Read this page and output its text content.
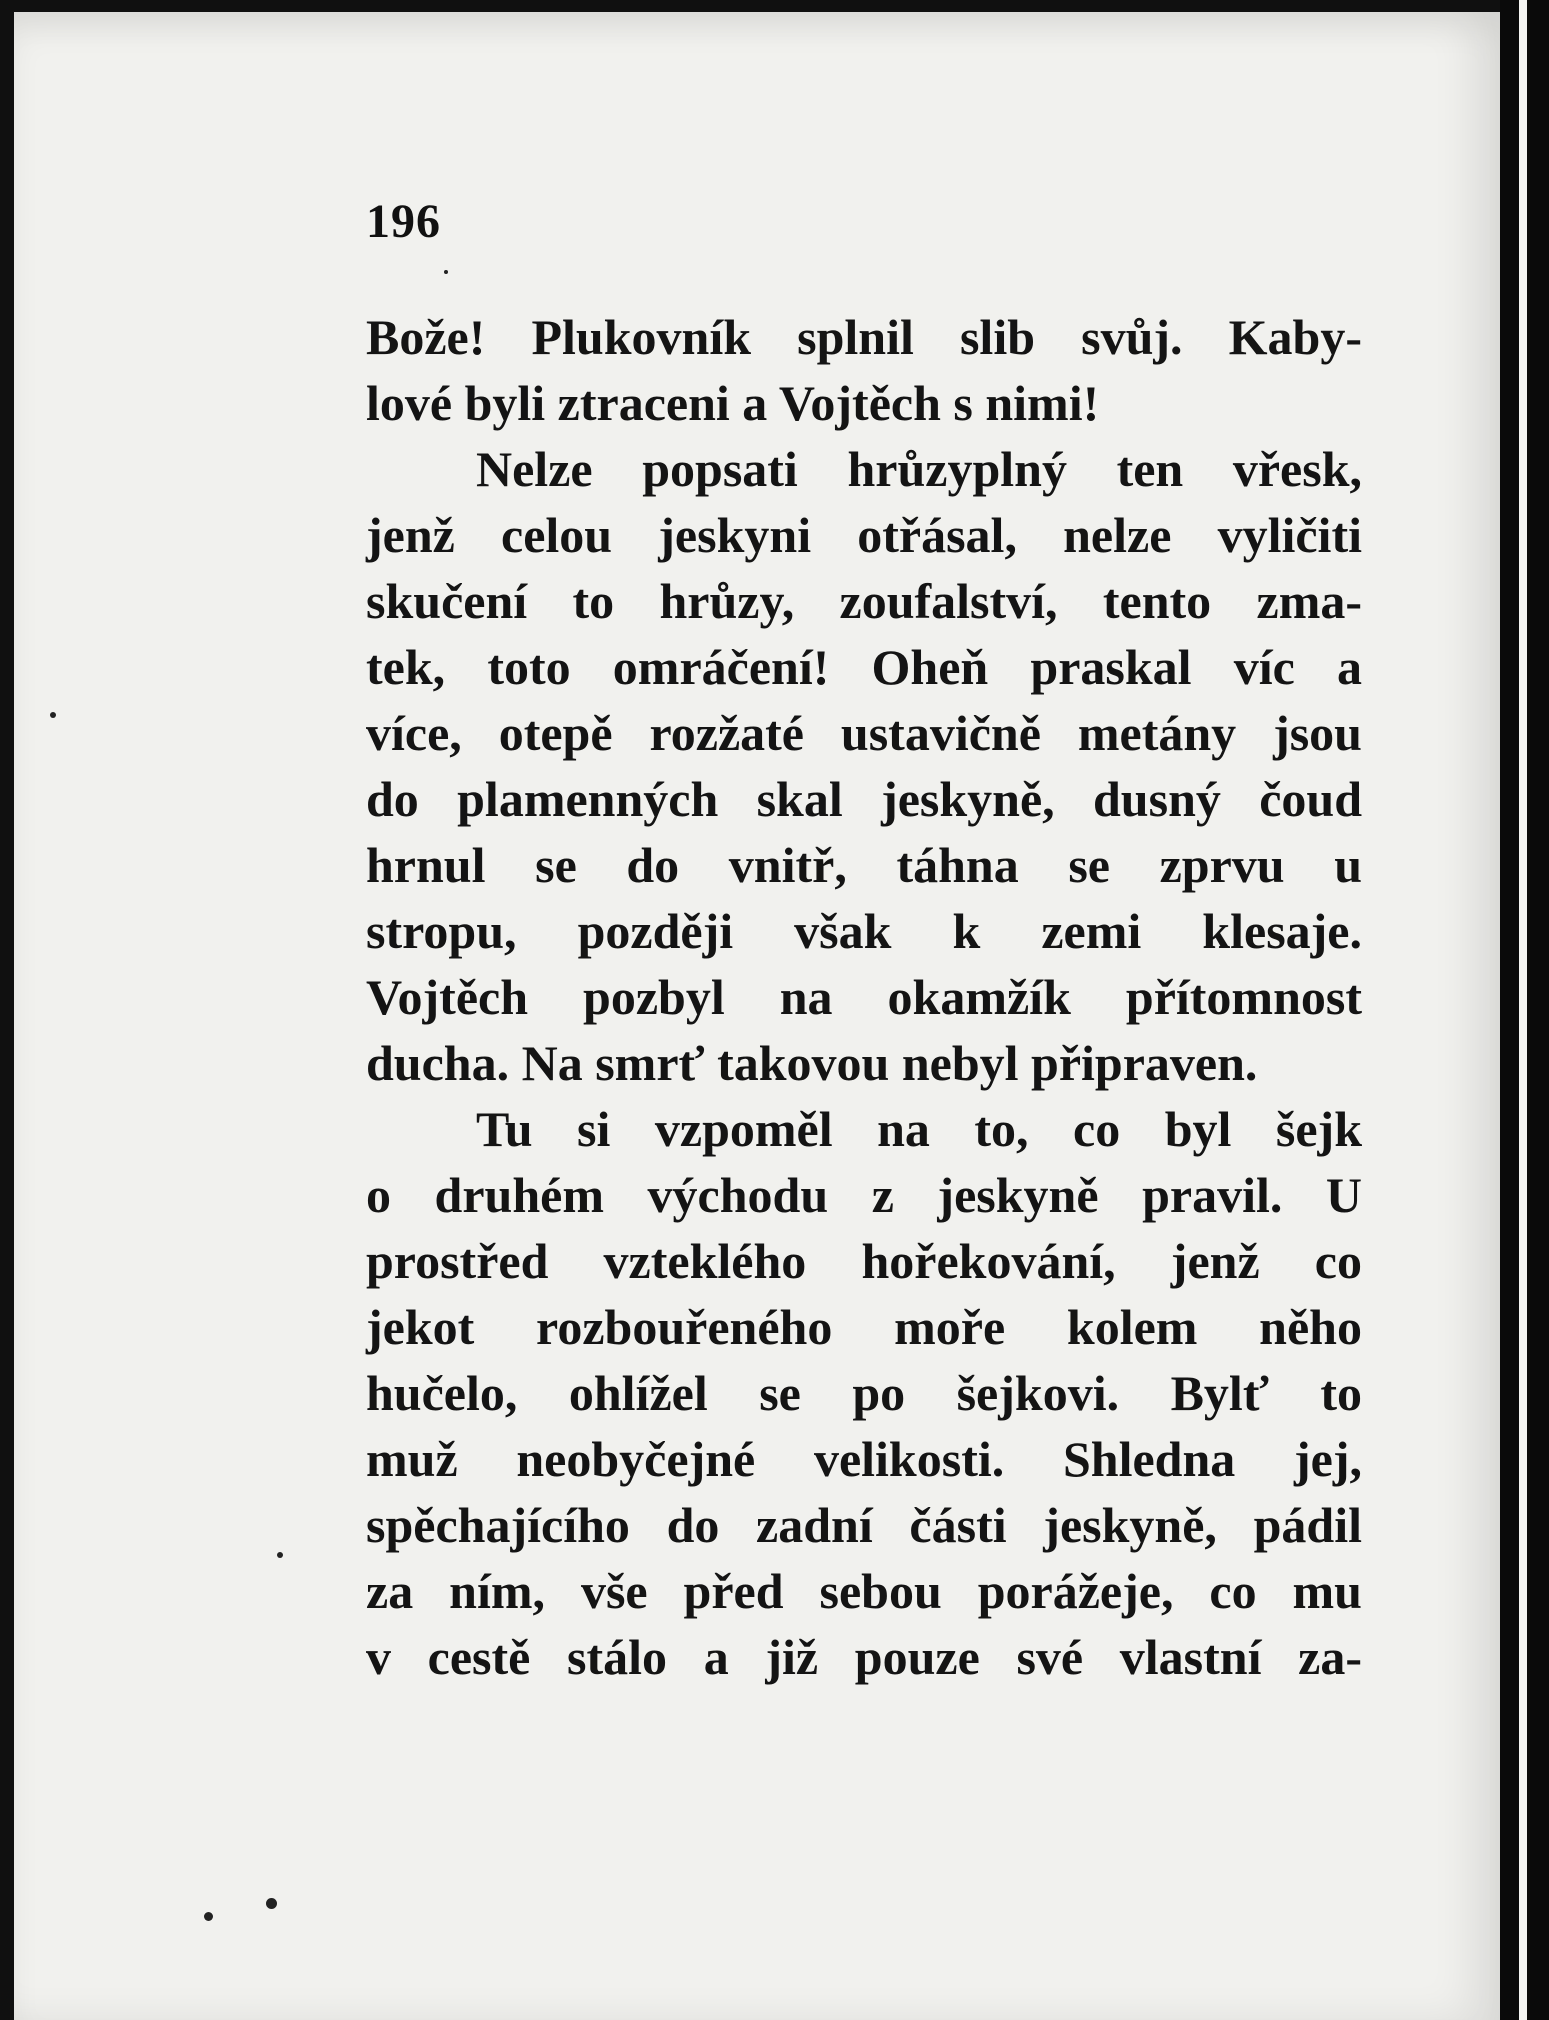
196
Bože! Plukovník splnil slib svůj. Kaby-
lové byli ztraceni a Vojtěch s nimi!
Nelze popsati hrůzyplný ten vřesk,
jenž celou jeskyni otřásal, nelze vyličiti
skučení to hrůzy, zoufalství, tento zma-
tek, toto omráčení! Oheň praskal víc a
více, otepě rozžaté ustavičně metány jsou
do plamenných skal jeskyně, dusný čoud
hrnul se do vnitř, táhna se zprvu u
stropu, později však k zemi klesaje.
Vojtěch pozbyl na okamžík přítomnost
ducha. Na smrť takovou nebyl připraven.
Tu si vzpoměl na to, co byl šejk
o druhém východu z jeskyně pravil. U
prostřed vzteklého hořekování, jenž co
jekot rozbouřeného moře kolem něho
hučelo, ohlížel se po šejkovi. Bylť to
muž neobyčejné velikosti. Shledna jej,
spěchajícího do zadní části jeskyně, pádil
za ním, vše před sebou porážeje, co mu
v cestě stálo a již pouze své vlastní za-
